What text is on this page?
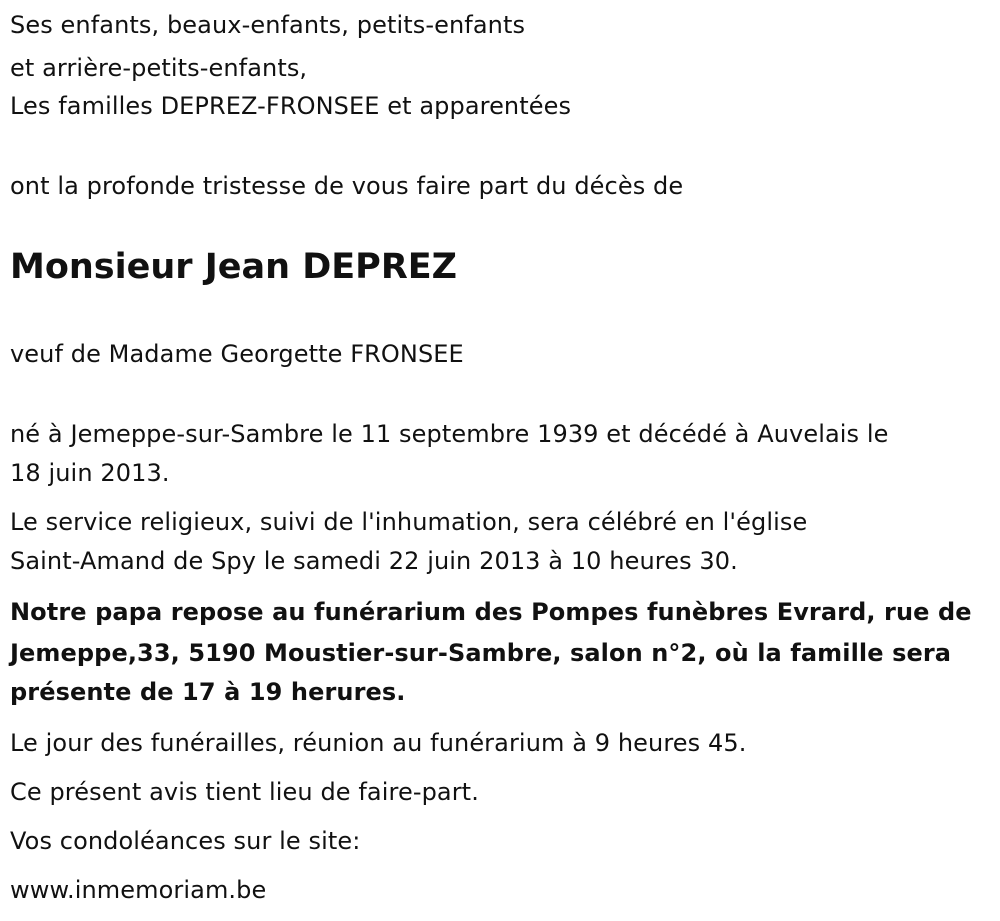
Ses enfants, beaux-enfants, petits-enfants
et arrière-petits-enfants,
Les familles DEPREZ-FRONSEE et apparentées
ont la profonde tristesse de vous faire part du décès de
Monsieur Jean DEPREZ
veuf de Madame Georgette FRONSEE
né à Jemeppe-sur-Sambre le 11 septembre 1939 et décédé à Auvelais le
18 juin 2013.
Le service religieux, suivi de l'inhumation, sera célébré en l'église
Saint-Amand de Spy le samedi 22 juin 2013 à 10 heures 30.
Notre papa repose au funérarium des Pompes funèbres Evrard, rue de
Jemeppe,33, 5190 Moustier-sur-Sambre, salon n°2, où la famille sera
présente de 17 à 19 herures.
Le jour des funérailles, réunion au funérarium à 9 heures 45.
Ce présent avis tient lieu de faire-part.
Vos condoléances sur le site:
www.inmemoriam.be
